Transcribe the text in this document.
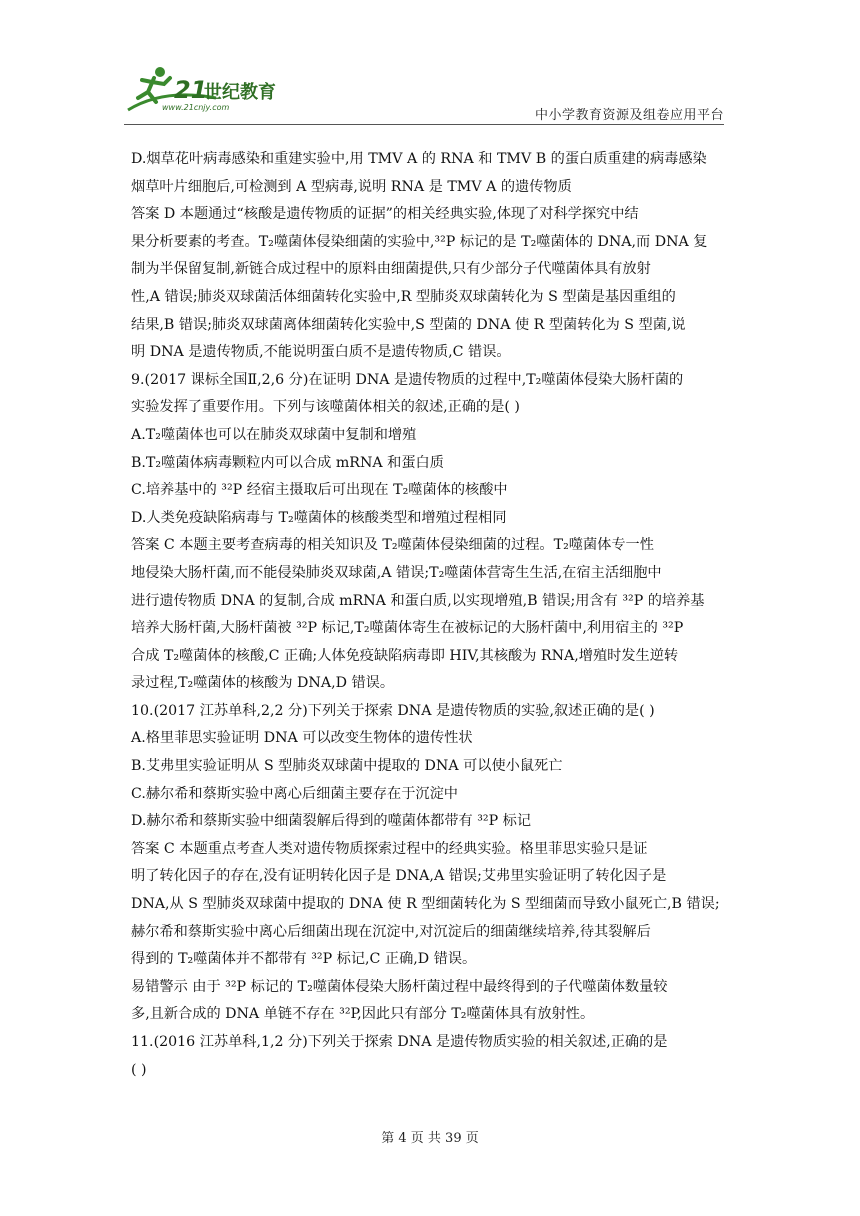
21
世纪教育
www.21cnjy.com
中小学教育资源及组卷应用平台
D.烟草花叶病毒感染和重建实验中,用 TMV A 的 RNA 和 TMV B 的蛋白质重建的病毒感染
烟草叶片细胞后,可检测到 A 型病毒,说明 RNA 是 TMV A 的遗传物质
答案 D 本题通过“核酸是遗传物质的证据”的相关经典实验,体现了对科学探究中结
果分析要素的考查。T₂噬菌体侵染细菌的实验中,³²P 标记的是 T₂噬菌体的 DNA,而 DNA 复
制为半保留复制,新链合成过程中的原料由细菌提供,只有少部分子代噬菌体具有放射
性,A 错误;肺炎双球菌活体细菌转化实验中,R 型肺炎双球菌转化为 S 型菌是基因重组的
结果,B 错误;肺炎双球菌离体细菌转化实验中,S 型菌的 DNA 使 R 型菌转化为 S 型菌,说
明 DNA 是遗传物质,不能说明蛋白质不是遗传物质,C 错误。
9.(2017 课标全国Ⅱ,2,6 分)在证明 DNA 是遗传物质的过程中,T₂噬菌体侵染大肠杆菌的
实验发挥了重要作用。下列与该噬菌体相关的叙述,正确的是( )
A.T₂噬菌体也可以在肺炎双球菌中复制和增殖
B.T₂噬菌体病毒颗粒内可以合成 mRNA 和蛋白质
C.培养基中的 ³²P 经宿主摄取后可出现在 T₂噬菌体的核酸中
D.人类免疫缺陷病毒与 T₂噬菌体的核酸类型和增殖过程相同
答案 C 本题主要考查病毒的相关知识及 T₂噬菌体侵染细菌的过程。T₂噬菌体专一性
地侵染大肠杆菌,而不能侵染肺炎双球菌,A 错误;T₂噬菌体营寄生生活,在宿主活细胞中
进行遗传物质 DNA 的复制,合成 mRNA 和蛋白质,以实现增殖,B 错误;用含有 ³²P 的培养基
培养大肠杆菌,大肠杆菌被 ³²P 标记,T₂噬菌体寄生在被标记的大肠杆菌中,利用宿主的 ³²P
合成 T₂噬菌体的核酸,C 正确;人体免疫缺陷病毒即 HIV,其核酸为 RNA,增殖时发生逆转
录过程,T₂噬菌体的核酸为 DNA,D 错误。
10.(2017 江苏单科,2,2 分)下列关于探索 DNA 是遗传物质的实验,叙述正确的是( )
A.格里菲思实验证明 DNA 可以改变生物体的遗传性状
B.艾弗里实验证明从 S 型肺炎双球菌中提取的 DNA 可以使小鼠死亡
C.赫尔希和蔡斯实验中离心后细菌主要存在于沉淀中
D.赫尔希和蔡斯实验中细菌裂解后得到的噬菌体都带有 ³²P 标记
答案 C 本题重点考查人类对遗传物质探索过程中的经典实验。格里菲思实验只是证
明了转化因子的存在,没有证明转化因子是 DNA,A 错误;艾弗里实验证明了转化因子是
DNA,从 S 型肺炎双球菌中提取的 DNA 使 R 型细菌转化为 S 型细菌而导致小鼠死亡,B 错误;
赫尔希和蔡斯实验中离心后细菌出现在沉淀中,对沉淀后的细菌继续培养,待其裂解后
得到的 T₂噬菌体并不都带有 ³²P 标记,C 正确,D 错误。
易错警示 由于 ³²P 标记的 T₂噬菌体侵染大肠杆菌过程中最终得到的子代噬菌体数量较
多,且新合成的 DNA 单链不存在 ³²P,因此只有部分 T₂噬菌体具有放射性。
11.(2016 江苏单科,1,2 分)下列关于探索 DNA 是遗传物质实验的相关叙述,正确的是
( )
第 4 页 共 39 页
